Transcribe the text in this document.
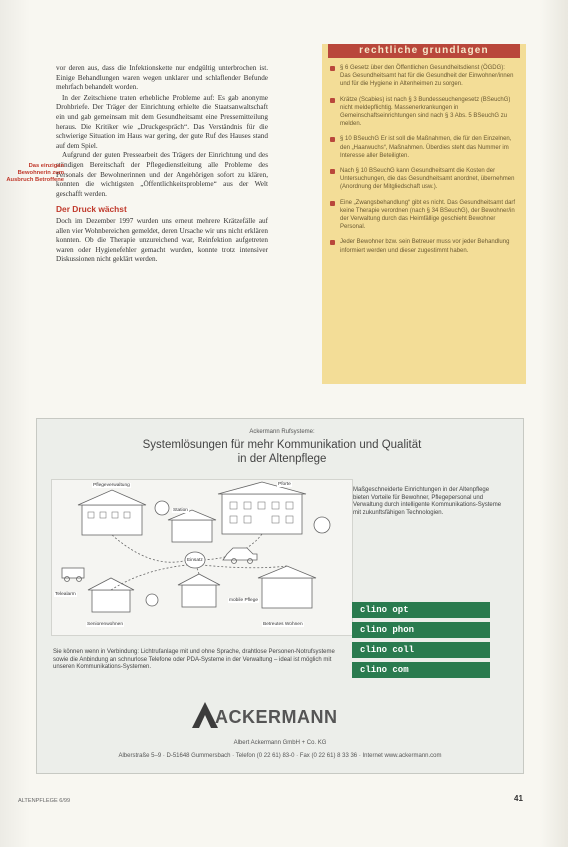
vor deren aus, dass die Infektionskette nur endgültig unterbrochen ist. Einige Behandlungen waren wegen unklarer und schlaflender Befunde mehrfach behandelt worden.

In der Zeitschiene traten erhebliche Probleme auf: Es gab anonyme Drohbriefe. Der Träger der Einrichtung erhielte die Staatsanwaltschaft ein und gab gemeinsam mit dem Gesundheitsamt eine Pressemitteilung heraus. Die Kritiker wie „Druckgespräch“. Das Verständnis für die schwierige Situation im Haus war gering, der gute Ruf des Hauses stand auf dem Spiel.

Aufgrund der guten Pressearbeit des Trägers der Einrichtung und des ständigen Bereitschaft der Pflegedienstleitung alle Probleme des Personals der Bewohnerinnen und der Angehörigen sofort zu klären, konnten die wichtigsten „Öffentlichkeitsprobleme“ aus der Welt geschafft werden.

Der Druck wächst

Doch im Dezember 1997 wurden uns erneut mehrere Krätzefälle auf allen vier Wohnbereichen gemeldet, deren Ursache wir uns nicht erklären konnten. Ob die Therapie unzureichend war, Reinfektion aufgetreten waren oder Hygienefehler gemacht wurden, konnte trotz intensiver Diskussionen nicht geklärt werden.

Das einzigen Bewohnerin zum Ausbruch Betroffene
rechtliche grundlagen
§ 6 Gesetz über den Öffentlichen Gesundheitsdienst (ÖGDG): Das Gesundheitsamt hat für die Gesundheit der Einwohner/innen und für die Hygiene in Altenheimen zu sorgen.
Krätze (Scabies) ist nach § 3 Bundesseuchengesetz (BSeuchG) nicht meldepflichtig. Massenerkrankungen in Gemeinschaftseinrichtungen sind nach § 3 Abs. 5 BSeuchG zu melden.
§ 10 BSeuchG Er ist soll die Maßnahmen, die für den Einzelnen, den „Haarwuchs“, Maßnahmen. Überdies steht das Nummer im Interesse aller Beteiligten.
Nach § 10 BSeuchG kann Gesundheitsamt die Kosten der Untersuchungen, die das Gesundheitsamt anordnet, übernehmen (Anordnung der Mitgliedschaft usw.).
Eine „Zwangsbehandlung“ gibt es nicht. Das Gesundheitsamt darf keine Therapie verordnen (nach § 34 BSeuchG), der Bewohner/in der Verwaltung durch das Heimfällige geschieht Bewohner Personal.
Jeder Bewohner bzw. sein Betreuer muss vor jeder Behandlung informiert werden und dieser zugestimmt haben.
Ackermann Rufsysteme:
Systemlösungen für mehr Kommunikation und Qualität
in der Altenpflege
Pflegeverwaltung	Pforte
Einsatz
Station
mobile Pflege
Telealarm
Seniorenwohnen	Betreutes Wohnen
Maßgeschneiderte Einrichtungen in der Altenpflege bieten Vorteile für Bewohner, Pflegepersonal und Verwaltung durch intelligente Kommunikations-Systeme mit zukunftsfähigen Technologien.
clino opt
clino phon
clino coll
clino com
Sie können wenn in Verbindung: Lichtrufanlage mit und ohne Sprache, drahtlose Personen-Notrufsysteme sowie die Anbindung an schnurlose Telefone oder PDA-Systeme in der Verwaltung – ideal ist möglich mit unseren Kommunikations-Systemen.
ACKERMANN
Albert Ackermann GmbH + Co. KG
Alberstraße 5–9 · D-51648 Gummersbach · Telefon (0 22 61) 83-0 · Fax (0 22 61) 8 33 36 · Internet www.ackermann.com
ALTENPFLEGE 6/99	41
